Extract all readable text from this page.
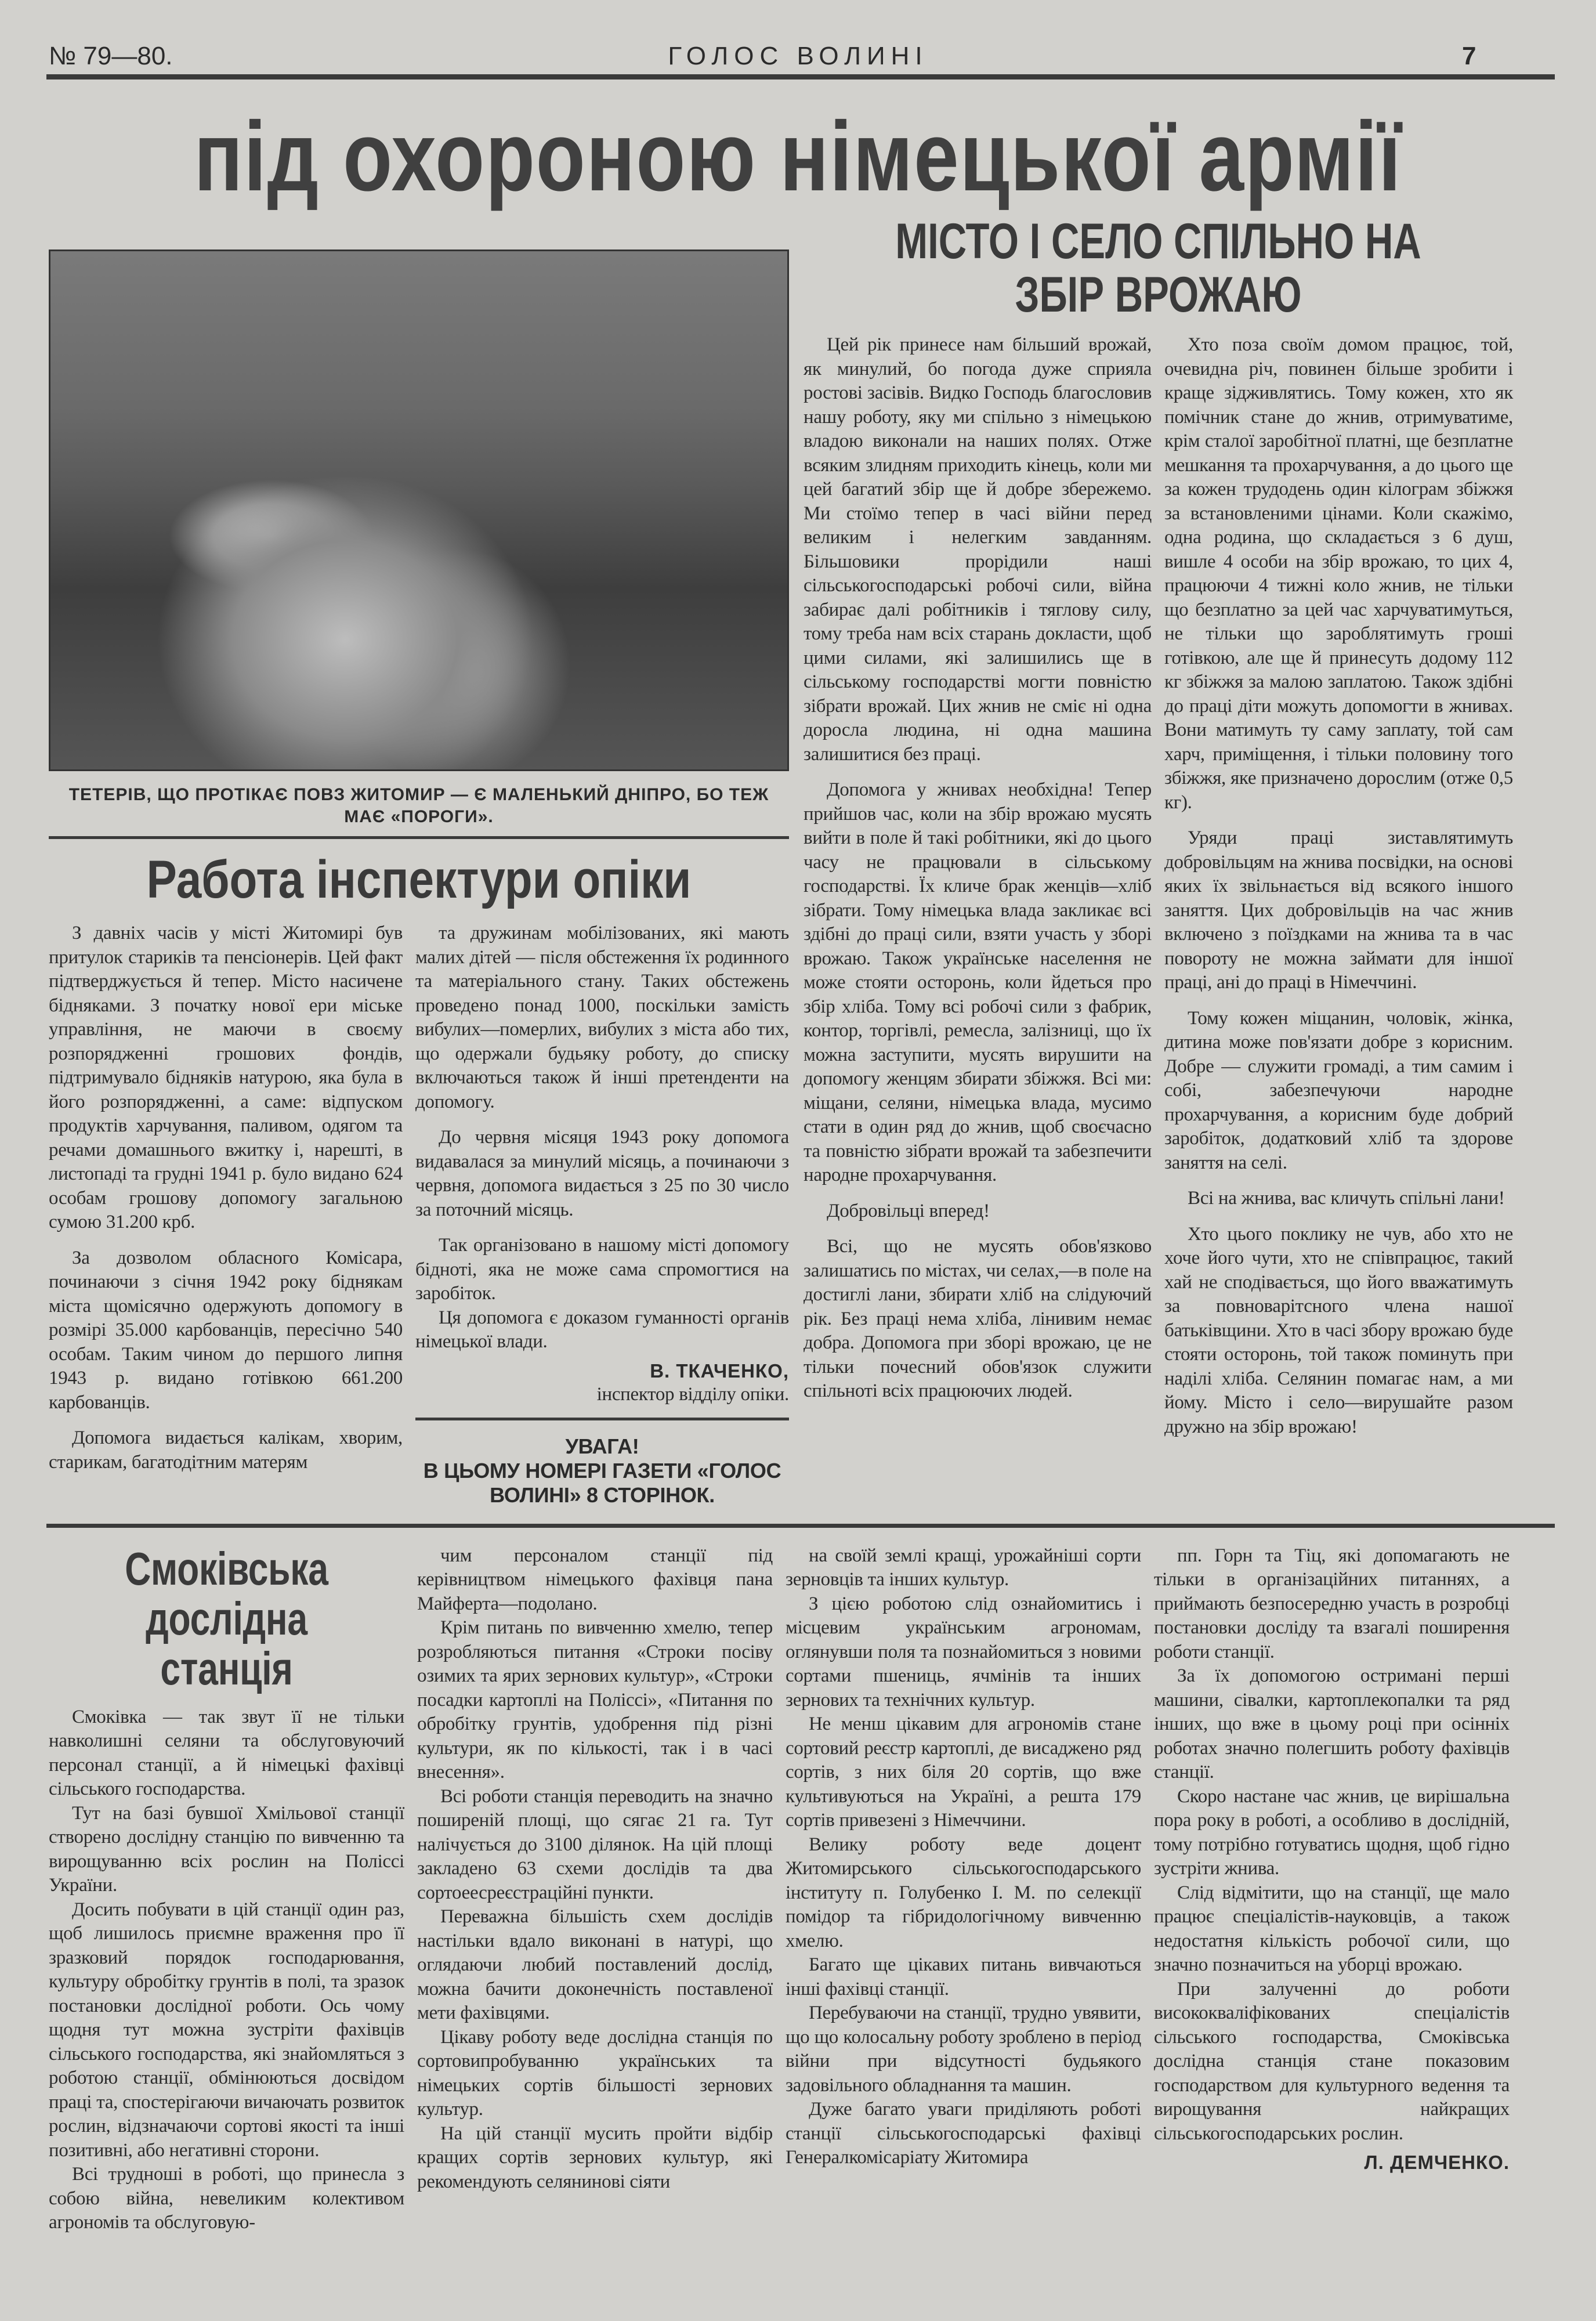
№ 79—80.	ГОЛОС ВОЛИНІ	7
під охороною німецької армії
ТЕТЕРІВ, ЩО ПРОТІКАЄ ПОВЗ ЖИТОМИР — Є МАЛЕНЬКИЙ ДНІПРО, БО ТЕЖ МАЄ «ПОРОГИ».
Работа інспектури опіки

З давніх часів у місті Житомирі був притулок стариків та пенсіонерів. Цей факт підтверджується й тепер. Місто насичене бідняками. З початку нової ери міське управління, не маючи в своєму розпорядженні грошових фондів, підтримувало бідняків натурою, яка була в його розпорядженні, а саме: відпуском продуктів харчування, паливом, одягом та речами домашнього вжитку і, нарешті, в листопаді та грудні 1941 р. було видано 624 особам грошову допомогу загальною сумою 31.200 крб.

За дозволом обласного Комісара, починаючи з січня 1942 року біднякам міста щомісячно одержують допомогу в розмірі 35.000 карбованців, пересічно 540 особам. Таким чином до першого липня 1943 р. видано готівкою 661.200 карбованців.

Допомога видається калікам, хворим, старикам, багатодітним матерям

та дружинам мобілізованих, які мають малих дітей — після обстеження їх родинного та матеріального стану. Таких обстежень проведено понад 1000, поскільки замість вибулих—померлих, вибулих з міста або тих, що одержали будьяку роботу, до списку включаються також й інші претенденти на допомогу.

До червня місяця 1943 року допомога видавалася за минулий місяць, а починаючи з червня, допомога видається з 25 по 30 число за поточний місяць.

Так організовано в нашому місті допомогу бідноті, яка не може сама спромогтися на заробіток.

Ця допомога є доказом гуманності органів німецької влади.

В. ТКАЧЕНКО,
інспектор відділу опіки.
УВАГА!
В ЦЬОМУ НОМЕРІ ГАЗЕТИ «ГОЛОС ВОЛИНІ» 8 СТОРІНОК.
МІСТО І СЕЛО СПІЛЬНО НА ЗБІР ВРОЖАЮ

Цей рік принесе нам більший врожай, як минулий, бо погода дуже сприяла ростові засівів. Видко Господь благословив нашу роботу, яку ми спільно з німецькою владою виконали на наших полях. Отже всяким злидням приходить кінець, коли ми цей багатий збір ще й добре збережемо. Ми стоїмо тепер в часі війни перед великим і нелегким завданням. Більшовики прорідили наші сільськогосподарські робочі сили, війна забирає далі робітників і тяглову силу, тому треба нам всіх старань докласти, щоб цими силами, які залишились ще в сільському господарстві могти повністю зібрати врожай. Цих жнив не сміє ні одна доросла людина, ні одна машина залишитися без праці.

Допомога у жнивах необхідна! Тепер прийшов час, коли на збір врожаю мусять вийти в поле й такі робітники, які до цього часу не працювали в сільському господарстві. Їх кличе брак женців—хліб зібрати. Тому німецька влада закликає всі здібні до праці сили, взяти участь у зборі врожаю. Також українське населення не може стояти осторонь, коли йдеться про збір хліба. Тому всі робочі сили з фабрик, контор, торгівлі, ремесла, залізниці, що їх можна заступити, мусять вирушити на допомогу женцям збирати збіжжя. Всі ми: міщани, селяни, німецька влада, мусимо стати в один ряд до жнив, щоб своєчасно та повністю зібрати врожай та забезпечити народне прохарчування.

Добровільці вперед!

Всі, що не мусять обов'язково залишатись по містах, чи селах,—в поле на достиглі лани, збирати хліб на слідуючий рік. Без праці нема хліба, лінивим немає добра. Допомога при зборі врожаю, це не тільки почесний обов'язок служити спільноті всіх працюючих людей.

Хто поза своїм домом працює, той, очевидна річ, повинен більше зробити і краще зідживлятись. Тому кожен, хто як помічник стане до жнив, отримуватиме, крім сталої заробітної платні, ще безплатне мешкання та прохарчування, а до цього ще за кожен трудодень один кілограм збіжжя за встановленими цінами. Коли скажімо, одна родина, що складається з 6 душ, вишле 4 особи на збір врожаю, то цих 4, працюючи 4 тижні коло жнив, не тільки що безплатно за цей час харчуватимуться, не тільки що зароблятимуть гроші готівкою, але ще й принесуть додому 112 кг збіжжя за малою заплатою. Також здібні до праці діти можуть допомогти в жнивах. Вони матимуть ту саму заплату, той сам харч, приміщення, і тільки половину того збіжжя, яке призначено дорослим (отже 0,5 кг).

Уряди праці зиставлятимуть добровільцям на жнива посвідки, на основі яких їх звільнається від всякого іншого заняття. Цих добровільців на час жнив включено з поїздками на жнива та в час повороту не можна займати для іншої праці, ані до праці в Німеччині.

Тому кожен міщанин, чоловік, жінка, дитина може пов'язати добре з корисним. Добре — служити громаді, а тим самим і собі, забезпечуючи народне прохарчування, а корисним буде добрий заробіток, додатковий хліб та здорове заняття на селі.

Всі на жнива, вас кличуть спільні лани!

Хто цього поклику не чув, або хто не хоче його чути, хто не співпрацює, такий хай не сподівається, що його вважатимуть за повноварітсного члена нашої батьківщини. Хто в часі збору врожаю буде стояти осторонь, той також поминуть при наділі хліба. Селянин помагає нам, а ми йому. Місто і село—вирушайте разом дружно на збір врожаю!

Смоківська дослідна станція

Смоківка — так звут її не тільки навколишні селяни та обслуговуючий персонал станції, а й німецькі фахівці сільського господарства.

Тут на базі бувшої Хмільової станції створено дослідну станцію по вивченню та вирощуванню всіх рослин на Поліссі України.

Досить побувати в цій станції один раз, щоб лишилось приємне враження про її зразковий порядок господарювання, культуру обробітку грунтів в полі, та зразок постановки дослідної роботи. Ось чому щодня тут можна зустріти фахівців сільського господарства, які знайомляться з роботою станції, обмінюються досвідом праці та, спостерігаючи вичаючать розвиток рослин, відзначаючи сортові якості та інші позитивні, або негативні сторони.

Всі трудноші в роботі, що принесла з собою війна, невеликим колективом агрономів та обслуговую-

чим персоналом станції під керівництвом німецького фахівця пана Майферта—подолано.

Крім питань по вивченню хмелю, тепер розробляються питання «Строки посіву озимих та ярих зернових культур», «Строки посадки картоплі на Поліссі», «Питання по обробітку грунтів, удобрення під різні культури, як по кількості, так і в часі внесення».

Всі роботи станція переводить на значно поширеній площі, що сягає 21 га. Тут налічується до 3100 ділянок. На цій площі закладено 63 схеми дослідів та два сортоеесреєстраційні пункти.

Переважна більшість схем дослідів настільки вдало виконані в натурі, що оглядаючи любий поставлений дослід, можна бачити доконечність поставленої мети фахівцями.

Цікаву роботу веде дослідна станція по сортовипробуванню українських та німецьких сортів більшості зернових культур.

На цій станції мусить пройти відбір кращих сортів зернових культур, які рекомендують селянинові сіяти

на своїй землі кращі, урожайніші сорти зерновців та інших культур.

З цією роботою слід ознайомитись і місцевим українським агрономам, оглянувши поля та познайомиться з новими сортами пшениць, ячмінів та інших зернових та технічних культур.

Не менш цікавим для агрономів стане сортовий реєстр картоплі, де висаджено ряд сортів, з них біля 20 сортів, що вже культивуються на Україні, а решта 179 сортів привезені з Німеччини.

Велику роботу веде доцент Житомирського сільськогосподарського інституту п. Голубенко І. М. по селекції помідор та гібридологічному вивченню хмелю.

Багато ще цікавих питань вивчаються інші фахівці станції.

Перебуваючи на станції, трудно увявити, що що колосальну роботу зроблено в період війни при відсутності будьякого задовільного обладнання та машин.

Дуже багато уваги приділяють роботі станції сільськогосподарські фахівці Генералкомісаріату Житомира

пп. Горн та Тіц, які допомагають не тільки в організаційних питаннях, а приймають безпосередню участь в розробці постановки досліду та взагалі поширення роботи станції.

За їх допомогою остримані перші машини, сівалки, картоплекопалки та ряд інших, що вже в цьому році при осінніх роботах значно полегшить роботу фахівців станції.

Скоро настане час жнив, це вирішальна пора року в роботі, а особливо в дослідній, тому потрібно готуватись щодня, щоб гідно зустріти жнива.

Слід відмітити, що на станції, ще мало працює спеціалістів-науковців, а також недостатня кількість робочої сили, що значно позначиться на уборці врожаю.

При залученні до роботи висококваліфікованих спеціалістів сільського господарства, Смоківська дослідна станція стане показовим господарством для культурного ведення та вирощування найкращих сільськогосподарських рослин.

Л. ДЕМЧЕНКО.
